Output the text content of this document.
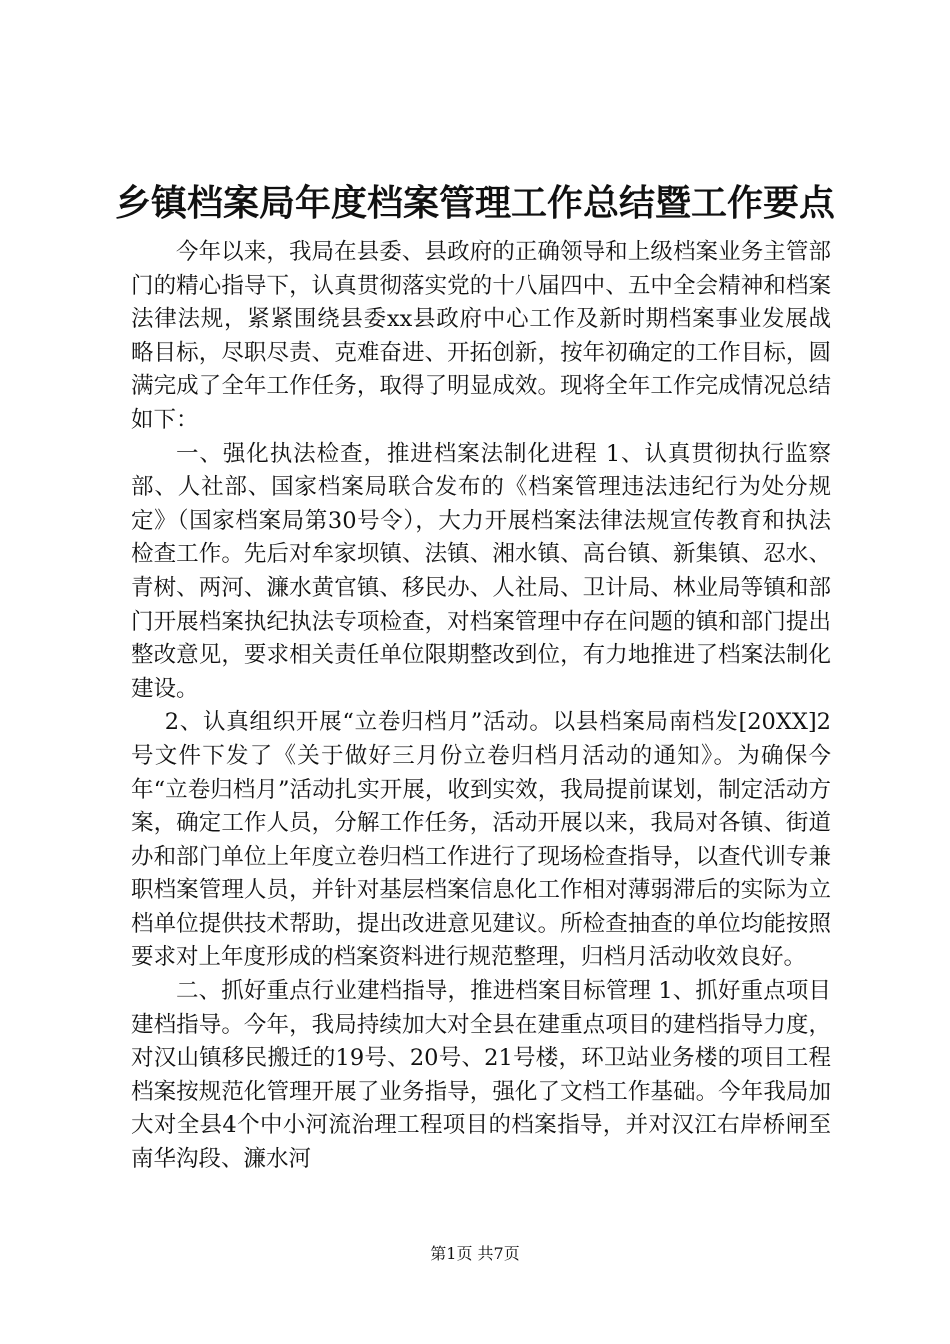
乡镇档案局年度档案管理工作总结暨工作要点

今年以来，我局在县委、县政府的正确领导和上级档案业务主管部门的精心指导下，认真贯彻落实党的十八届四中、五中全会精神和档案法律法规，紧紧围绕县委xx县政府中心工作及新时期档案事业发展战略目标，尽职尽责、克难奋进、开拓创新，按年初确定的工作目标，圆满完成了全年工作任务，取得了明显成效。现将全年工作完成情况总结如下：

一、强化执法检查，推进档案法制化进程 1、认真贯彻执行监察部、人社部、国家档案局联合发布的《档案管理违法违纪行为处分规定》（国家档案局第30号令），大力开展档案法律法规宣传教育和执法检查工作。先后对牟家坝镇、法镇、湘水镇、高台镇、新集镇、忍水、青树、两河、濂水黄官镇、移民办、人社局、卫计局、林业局等镇和部门开展档案执纪执法专项检查，对档案管理中存在问题的镇和部门提出整改意见，要求相关责任单位限期整改到位，有力地推进了档案法制化建设。

2、认真组织开展“立卷归档月”活动。以县档案局南档发[20XX]2号文件下发了《关于做好三月份立卷归档月活动的通知》。为确保今年“立卷归档月”活动扎实开展，收到实效，我局提前谋划，制定活动方案，确定工作人员，分解工作任务，活动开展以来，我局对各镇、街道办和部门单位上年度立卷归档工作进行了现场检查指导，以查代训专兼职档案管理人员，并针对基层档案信息化工作相对薄弱滞后的实际为立档单位提供技术帮助，提出改进意见建议。所检查抽查的单位均能按照要求对上年度形成的档案资料进行规范整理，归档月活动收效良好。

二、抓好重点行业建档指导，推进档案目标管理 1、抓好重点项目建档指导。今年，我局持续加大对全县在建重点项目的建档指导力度，对汉山镇移民搬迁的19号、20号、21号楼，环卫站业务楼的项目工程档案按规范化管理开展了业务指导，强化了文档工作基础。今年我局加大对全县4个中小河流治理工程项目的档案指导，并对汉江右岸桥闸至南华沟段、濂水河

第1页 共7页
